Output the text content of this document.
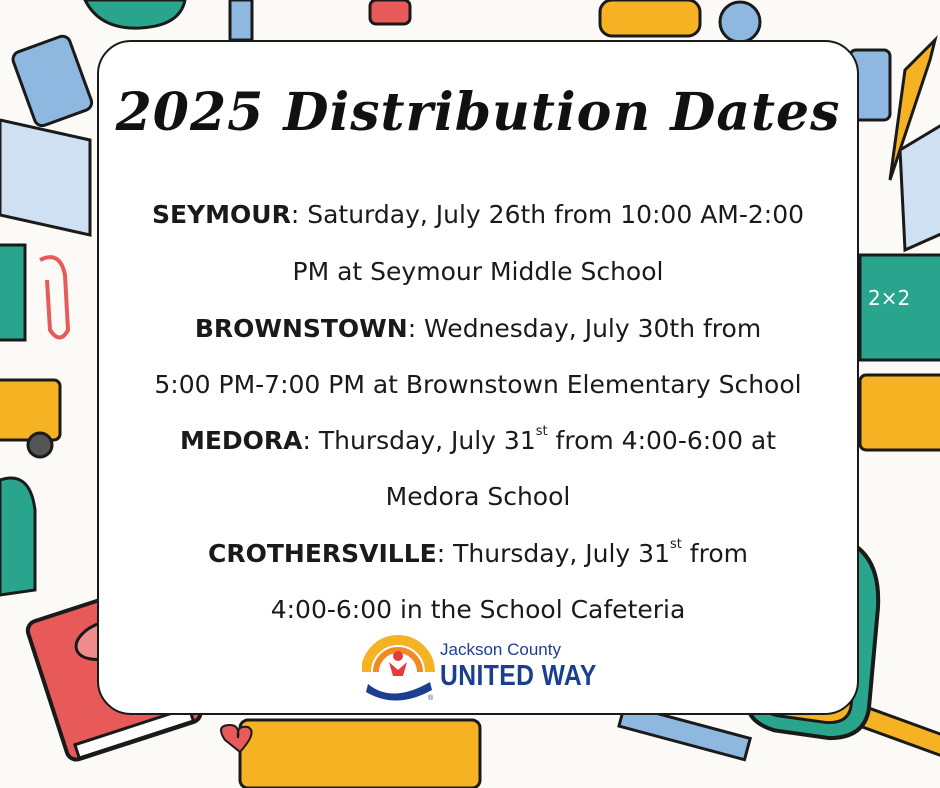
2×2
2025 Distribution Dates
SEYMOUR: Saturday, July 26th from 10:00 AM-2:00
PM at Seymour Middle School
BROWNSTOWN: Wednesday, July 30th from
5:00 PM-7:00 PM at Brownstown Elementary School
MEDORA: Thursday, July 31st from 4:00-6:00 at
Medora School
CROTHERSVILLE: Thursday, July 31st from
4:00-6:00 in the School Cafeteria
®
Jackson County
UNITED WAY
